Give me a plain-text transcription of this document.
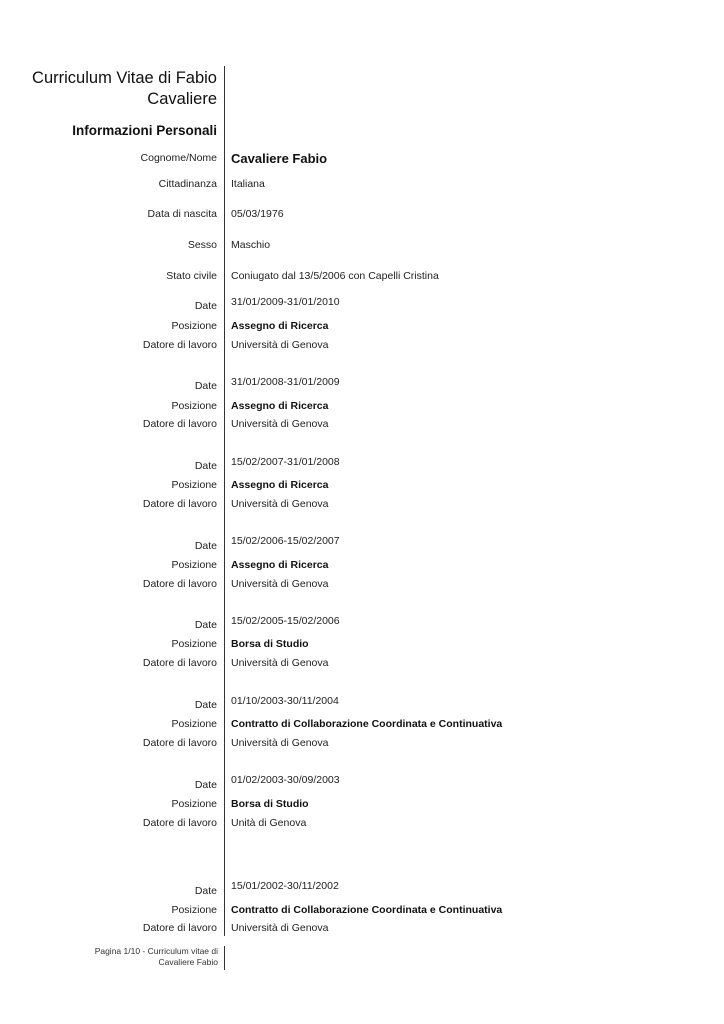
Curriculum Vitae di Fabio
Cavaliere
Informazioni Personali
Cognome/Nome Cavaliere Fabio
Cittadinanza Italiana
Data di nascita 05/03/1976
Sesso Maschio
Stato civile Coniugato dal 13/5/2006 con Capelli Cristina
Date 31/01/2009-31/01/2010
Posizione Assegno di Ricerca
Datore di lavoro Università di Genova
Date 31/01/2008-31/01/2009
Posizione Assegno di Ricerca
Datore di lavoro Università di Genova
Date 15/02/2007-31/01/2008
Posizione Assegno di Ricerca
Datore di lavoro Università di Genova
Date 15/02/2006-15/02/2007
Posizione Assegno di Ricerca
Datore di lavoro Università di Genova
Date 15/02/2005-15/02/2006
Posizione Borsa di Studio
Datore di lavoro Università di Genova
Date 01/10/2003-30/11/2004
Posizione Contratto di Collaborazione Coordinata e Continuativa
Datore di lavoro Università di Genova
Date 01/02/2003-30/09/2003
Posizione Borsa di Studio
Datore di lavoro Unità di Genova
Date 15/01/2002-30/11/2002
Posizione Contratto di Collaborazione Coordinata e Continuativa
Datore di lavoro Università di Genova
Pagina 1/10 - Curriculum vitae di
Cavaliere Fabio
